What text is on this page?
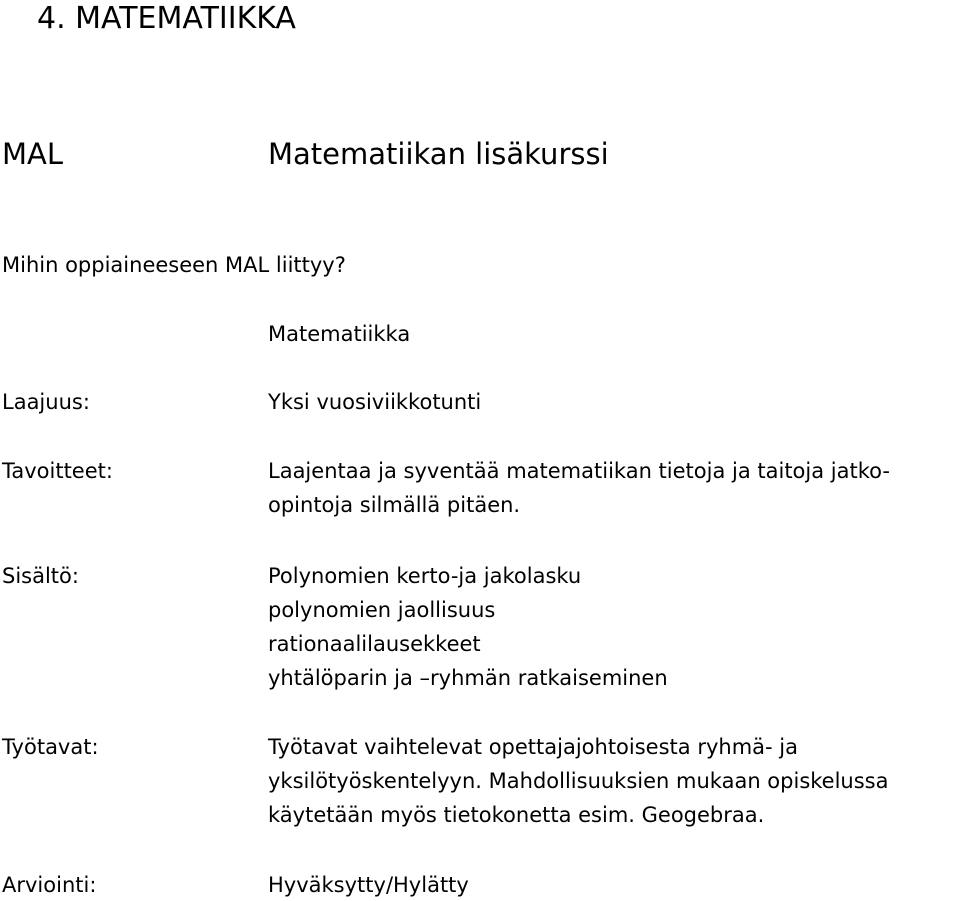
4. MATEMATIIKKA
MAL	Matematiikan lisäkurssi
Mihin oppiaineeseen MAL liittyy?
Matematiikka
Laajuus:	Yksi vuosiviikkotunti
Tavoitteet:	Laajentaa ja syventää matematiikan tietoja ja taitoja jatko-
opintoja silmällä pitäen.
Sisältö:	Polynomien kerto-ja jakolasku
polynomien jaollisuus
rationaalilausekkeet
yhtälöparin ja –ryhmän ratkaiseminen
Työtavat:	Työtavat vaihtelevat opettajajohtoisesta ryhmä- ja
yksilötyöskentelyyn. Mahdollisuuksien mukaan opiskelussa
käytetään myös tietokonetta esim. Geogebraa.
Arviointi:	Hyväksytty/Hylätty
